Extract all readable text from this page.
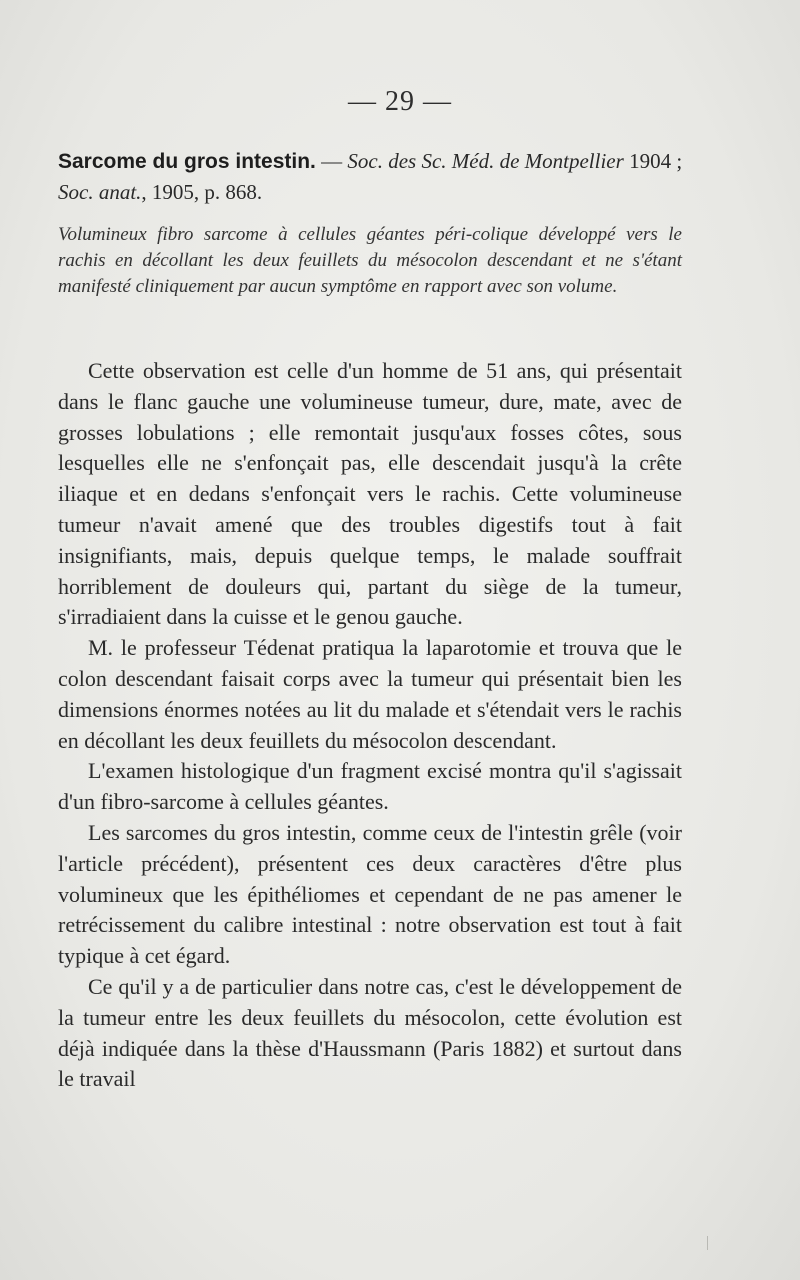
— 29 —

Sarcome du gros intestin. — Soc. des Sc. Méd. de Montpellier 1904 ;

Soc. anat., 1905, p. 868.

Volumineux fibro sarcome à cellules géantes péri-colique développé vers le rachis en décollant les deux feuillets du mésocolon descendant et ne s'étant manifesté cliniquement par aucun symptôme en rapport avec son volume.

Cette observation est celle d'un homme de 51 ans, qui présentait dans le flanc gauche une volumineuse tumeur, dure, mate, avec de grosses lobulations ; elle remontait jusqu'aux fosses côtes, sous lesquelles elle ne s'enfonçait pas, elle descendait jusqu'à la crête iliaque et en dedans s'enfonçait vers le rachis. Cette volumineuse tumeur n'avait amené que des troubles digestifs tout à fait insignifiants, mais, depuis quelque temps, le malade souffrait horriblement de douleurs qui, partant du siège de la tumeur, s'irradiaient dans la cuisse et le genou gauche.

M. le professeur Tédenat pratiqua la laparotomie et trouva que le colon descendant faisait corps avec la tumeur qui présentait bien les dimensions énormes notées au lit du malade et s'étendait vers le rachis en décollant les deux feuillets du mésocolon descendant.

L'examen histologique d'un fragment excisé montra qu'il s'agissait d'un fibro-sarcome à cellules géantes.

Les sarcomes du gros intestin, comme ceux de l'intestin grêle (voir l'article précédent), présentent ces deux caractères d'être plus volumineux que les épithéliomes et cependant de ne pas amener le retrécissement du calibre intestinal : notre observation est tout à fait typique à cet égard.

Ce qu'il y a de particulier dans notre cas, c'est le développement de la tumeur entre les deux feuillets du mésocolon, cette évolution est déjà indiquée dans la thèse d'Haussmann (Paris 1882) et surtout dans le travail
